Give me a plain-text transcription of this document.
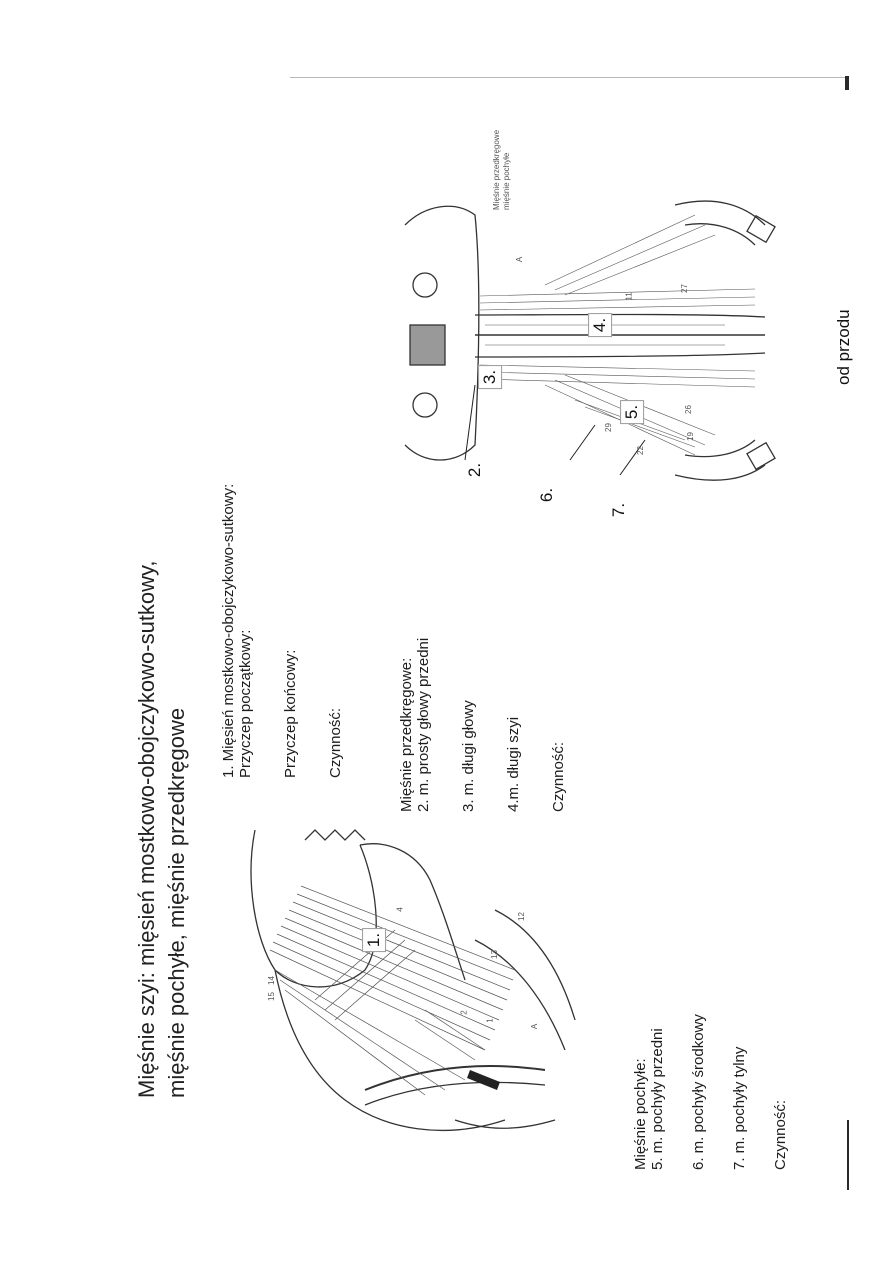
Mięśnie szyi: mięsień mostkowo-obojczykowo-sutkowy, mięśnie pochyłe, mięśnie przedkręgowe
1. Mięsień mostkowo-obojczykowo-sutkowy: Przyczep początkowy: Przyczep końcowy: Czynność:	Mięśnie przedkręgowe: 2. m. prosty głowy przedni 3. m. długi głowy 4.m. długi szyi Czynność:
Mięśnie pochyłe: 5. m. pochyły przedni 6. m. pochyły środkowy 7. m. pochyły tylny Czynność:
1.
15
14
4
12
13
2
1
A
2.
3.
4.
5.
6.
7.
Mięśnie przedkręgowe mięśnie pochyłe
A
11
26
19
29
22
27
od przodu
